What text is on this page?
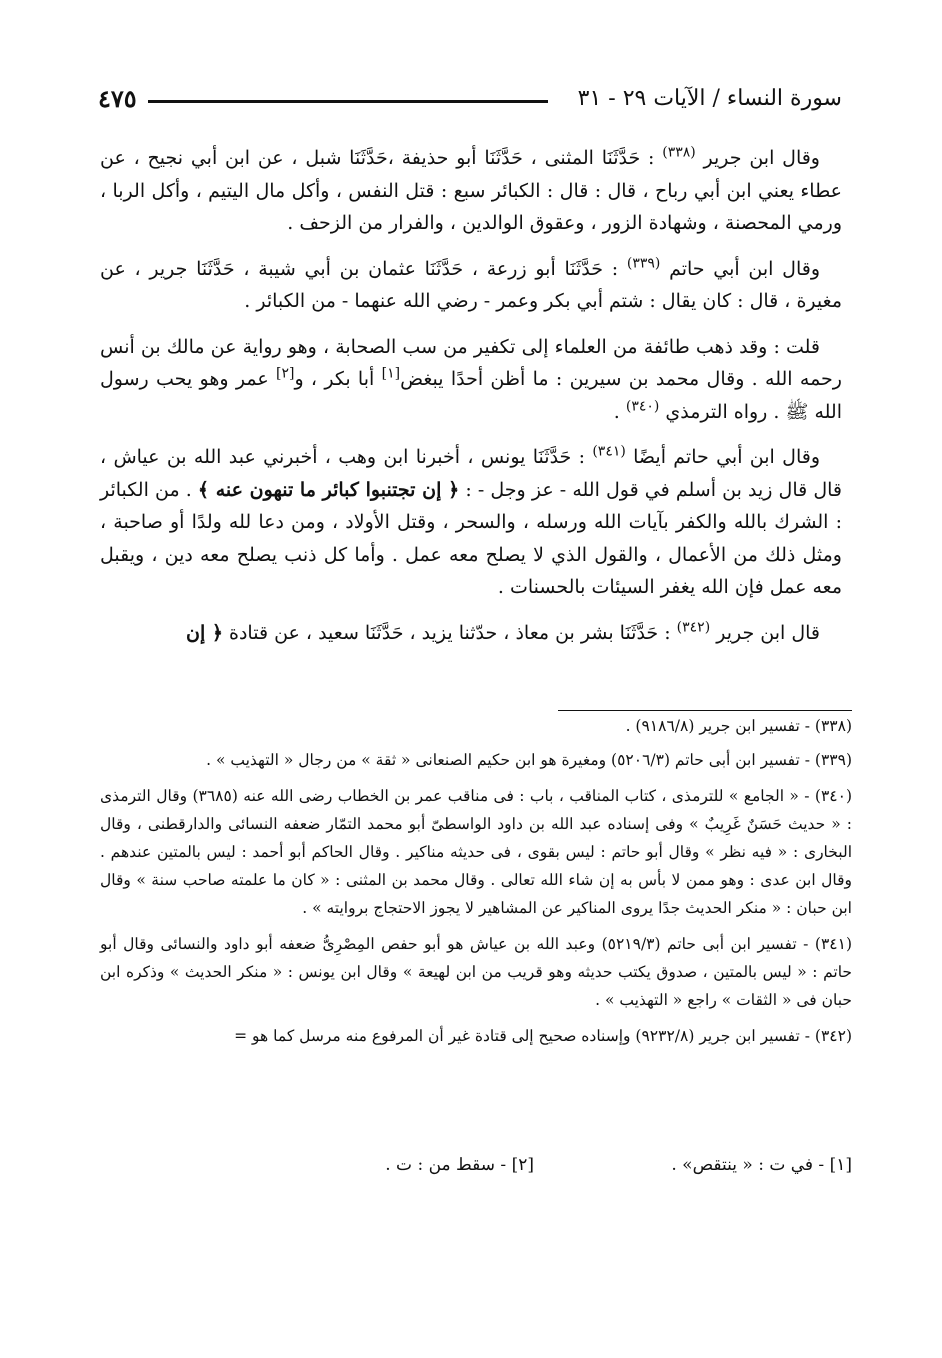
سورة النساء / الآيات ٢٩ - ٣١
٤٧٥

وقال ابن جرير $^{(٣٣٨)}$ : حَدَّثَنَا المثنى ، حَدَّثَنَا أبو حذيفة ،حَدَّثَنَا شبل ، عن ابن أبي نجيح ، عن عطاء يعني ابن أبي رباح ، قال : قال : الكبائر سبع : قتل النفس ، وأكل مال اليتيم ، وأكل الربا ، ورمي المحصنة ، وشهادة الزور ، وعقوق الوالدين ، والفرار من الزحف .

وقال ابن أبي حاتم $^{(٣٣٩)}$ : حَدَّثَنَا أبو زرعة ، حَدَّثَنَا عثمان بن أبي شيبة ، حَدَّثَنَا جرير ، عن مغيرة ، قال : كان يقال : شتم أبي بكر وعمر - رضي الله عنهما - من الكبائر .

قلت : وقد ذهب طائفة من العلماء إلى تكفير من سب الصحابة ، وهو رواية عن مالك بن أنس رحمه الله . وقال محمد بن سيرين : ما أظن أحدًا يبغض[١] أبا بكر ، و[٢] عمر وهو يحب رسول الله ﷺ . رواه الترمذي $^{(٣٤٠)}$ .

وقال ابن أبي حاتم أيضًا $^{(٣٤١)}$ : حَدَّثَنَا يونس ، أخبرنا ابن وهب ، أخبرني عبد الله بن عياش ، قال قال زيد بن أسلم في قول الله - عز وجل - : ﴿ إن تجتنبوا كبائر ما تنهون عنه ﴾ . من الكبائر : الشرك بالله والكفر بآيات الله ورسله ، والسحر ، وقتل الأولاد ، ومن دعا لله ولدًا أو صاحبة ، ومثل ذلك من الأعمال ، والقول الذي لا يصلح معه عمل . وأما كل ذنب يصلح معه دين ، ويقبل معه عمل فإن الله يغفر السيئات بالحسنات .

قال ابن جرير $^{(٣٤٢)}$ : حَدَّثَنَا بشر بن معاذ ، حدّثنا يزيد ، حَدَّثَنَا سعيد ، عن قتادة ﴿ إن

(٣٣٨) - تفسير ابن جرير (٩١٨٦/٨) .
(٣٣٩) - تفسير ابن أبى حاتم (٥٢٠٦/٣) ومغيرة هو ابن حكيم الصنعانى « ثقة » من رجال « التهذيب » .
(٣٤٠) - « الجامع » للترمذى ، كتاب المناقب ، باب : فى مناقب عمر بن الخطاب رضى الله عنه (٣٦٨٥) وقال الترمذى : « حديث حَسَنٌ غَرِيبٌ » وفى إسناده عبد الله بن داود الواسطىّ أبو محمد التمّار ضعفه النسائى والدارقطنى ، وقال البخارى : « فيه نظر » وقال أبو حاتم : ليس بقوى ، فى حديثه مناكير . وقال الحاكم أبو أحمد : ليس بالمتين عندهم . وقال ابن عدى : وهو ممن لا بأس به إن شاء الله تعالى . وقال محمد بن المثنى : « كان ما علمته صاحب سنة » وقال ابن حبان : « منكر الحديث جدًا يروى المناكير عن المشاهير لا يجوز الاحتجاج بروايته » .
(٣٤١) - تفسير ابن أبى حاتم (٥٢١٩/٣) وعبد الله بن عياش هو أبو حفص المِصْرِىُّ ضعفه أبو داود والنسائى وقال أبو حاتم : « ليس بالمتين ، صدوق يكتب حديثه وهو قريب من ابن لهيعة » وقال ابن يونس : « منكر الحديث » وذكره ابن حبان فى « الثقات » راجع « التهذيب » .
(٣٤٢) - تفسير ابن جرير (٩٢٣٢/٨) وإسناده صحيح إلى قتادة غير أن المرفوع منه مرسل كما هو =
[١] - في ت : « ينتقص» .
[٢] - سقط من : ت .
